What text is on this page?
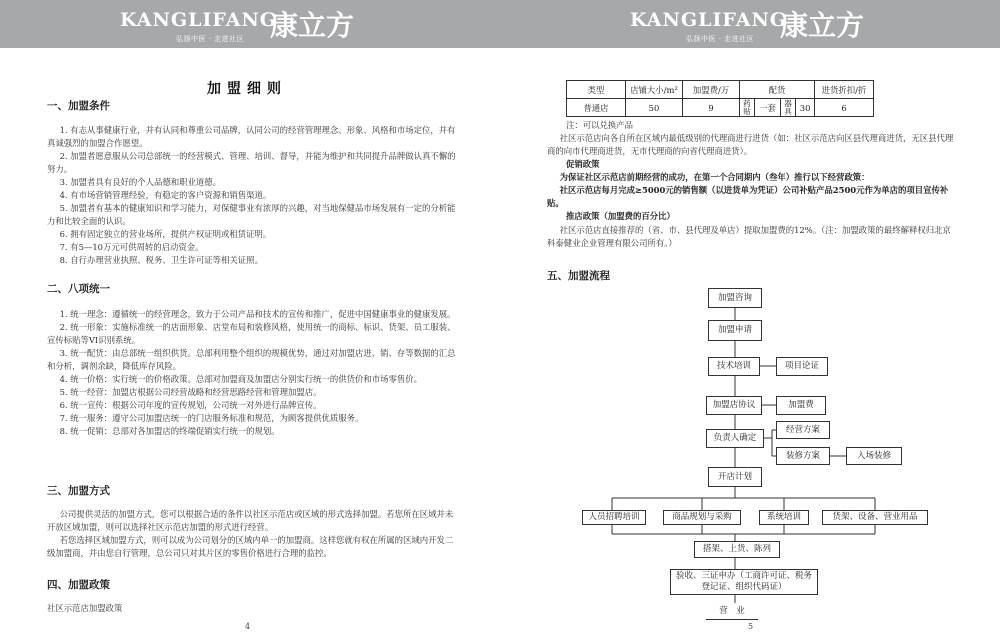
KANGLIFANG
康立方
弘扬中医 · 走进社区
KANGLIFANG
康立方
弘扬中医 · 走进社区
加盟细则
一、加盟条件
1. 有志从事健康行业，并有认同和尊重公司品牌，认同公司的经营管理理念、形象、风格和市场定位，并有真诚强烈的加盟合作愿望。
2. 加盟者愿意服从公司总部统一的经营模式、管理、培训、督导，并能为维护和共同提升品牌做认真不懈的努力。
3. 加盟者具有良好的个人品德和职业道德。
4. 有市场营销管理经验，有稳定的客户资源和销售渠道。
5. 加盟者有基本的健康知识和学习能力，对保健事业有浓厚的兴趣，对当地保健品市场发展有一定的分析能力和比较全面的认识。
6. 拥有固定独立的营业场所，提供产权证明或租赁证明。
7. 有5—10万元可供周转的启动资金。
8. 自行办理营业执照、税务、卫生许可证等相关证照。
二、八项统一
1. 统一理念：遵循统一的经营理念，致力于公司产品和技术的宣传和推广，促进中国健康事业的健康发展。
2. 统一形象：实施标准统一的店面形象、店堂布局和装修风格，使用统一的商标、标识、货架、员工服装、宣传标贴等VI识别系统。
3. 统一配货：由总部统一组织供货。总部利用整个组织的规模优势，通过对加盟店进、销、存等数据的汇总和分析，调剂余缺，降低库存风险。
4. 统一价格：实行统一的价格政策。总部对加盟商及加盟店分别实行统一的供货价和市场零售价。
5. 统一经营：加盟店根据公司经营战略和经营思路经营和管理加盟店。
6. 统一宣传：根据公司年度的宣传规划，公司统一对外进行品牌宣传。
7. 统一服务：遵守公司加盟店统一的门店服务标准和规范，为顾客提供优质服务。
8. 统一促销：总部对各加盟店的终端促销实行统一的规划。
三、加盟方式
公司提供灵活的加盟方式，您可以根据合适的条件以社区示范店或区域的形式选择加盟。若您所在区域并未开放区域加盟，则可以选择社区示范店加盟的形式进行经营。
若您选择区域加盟方式，则可以成为公司划分的区域内单一的加盟商。这样您就有权在所属的区域内开发二级加盟商，并由您自行管理，总公司只对其片区的零售价格进行合理的监控。
四、加盟政策
社区示范店加盟政策
4
类型	店铺大小/m²	加盟费/万	配货				进货折扣/折
普通店	50	9	药贴	一套	器具	30	6
注：可以兑换产品
社区示范店向各自所在区域内最低级别的代理商进行进货（如：社区示范店向区县代理商进货，无区县代理商的向市代理商进货，无市代理商的向省代理商进货）。
促销政策
为保证社区示范店前期经营的成功，在第一个合同期内（叁年）推行以下经营政策：
社区示范店每月完成≥5000元的销售额（以进货单为凭证）公司补贴产品2500元作为单店的项目宣传补贴。
推店政策（加盟费的百分比）
社区示范店直接推荐的（省、市、县代理及单店）提取加盟费的12%。（注：加盟政策的最终解释权归北京科泰健业企业管理有限公司所有。）
五、加盟流程
加盟咨询
加盟申请
技术培训	项目论证
加盟店协议	加盟费
负责人确定
经营方案
装修方案	入场装修
开店计划
人员招聘培训	商品规划与采购	系统培训	货架、设备、营业用品
搭架、上货、陈列
验收、三证申办（工商许可证、税务登记证、组织代码证）
营　业
5
